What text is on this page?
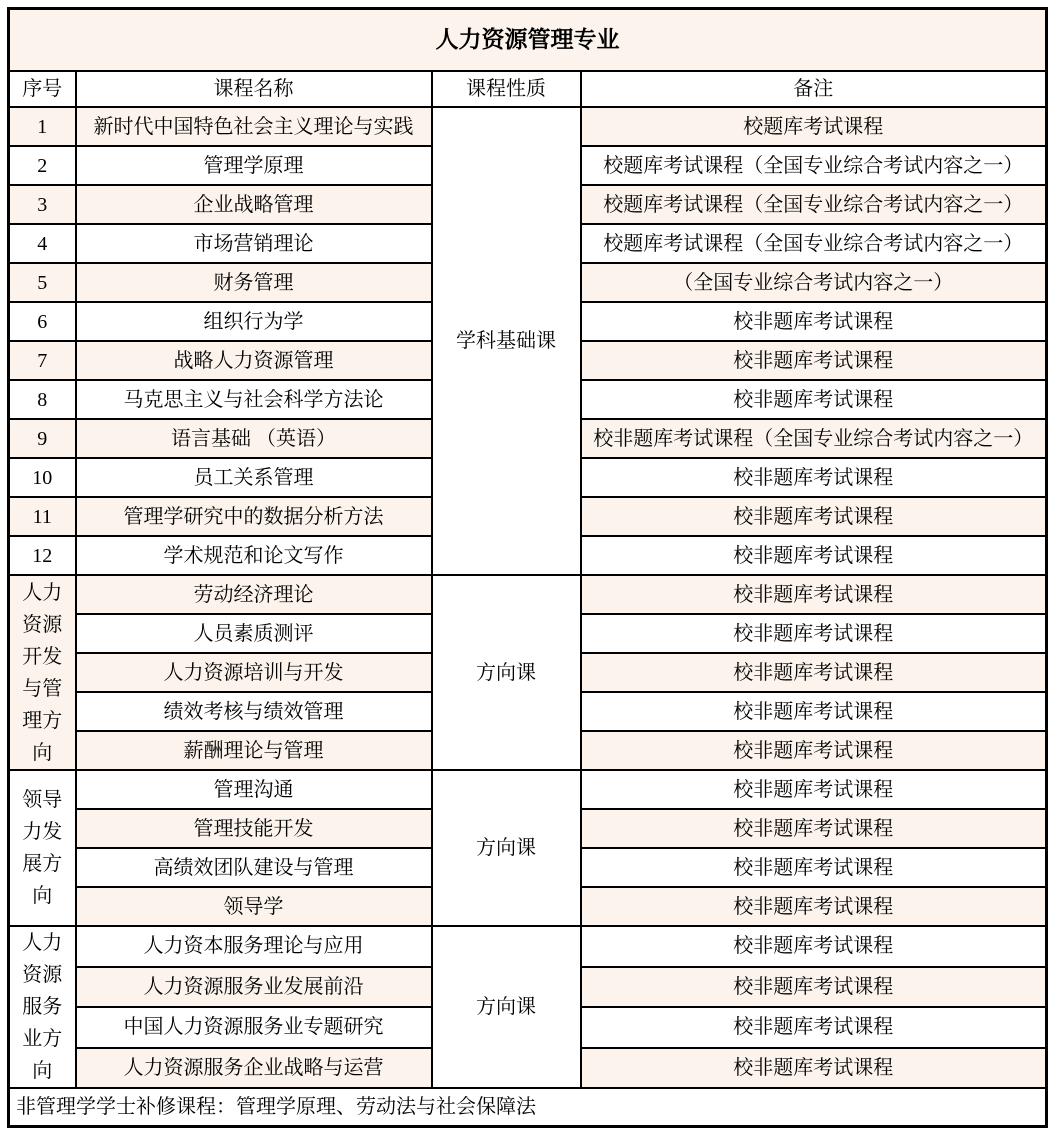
人力资源管理专业			
序号	课程名称	课程性质	备注
1	新时代中国特色社会主义理论与实践	学科基础课	校题库考试课程
2	管理学原理		校题库考试课程（全国专业综合考试内容之一）
3	企业战略管理		校题库考试课程（全国专业综合考试内容之一）
4	市场营销理论		校题库考试课程（全国专业综合考试内容之一）
5	财务管理		（全国专业综合考试内容之一）
6	组织行为学		校非题库考试课程
7	战略人力资源管理		校非题库考试课程
8	马克思主义与社会科学方法论		校非题库考试课程
9	语言基础 （英语）		校非题库考试课程（全国专业综合考试内容之一）
10	员工关系管理		校非题库考试课程
11	管理学研究中的数据分析方法		校非题库考试课程
12	学术规范和论文写作		校非题库考试课程
人力资源开发与管理方向	劳动经济理论	方向课	校非题库考试课程
	人员素质测评		校非题库考试课程
	人力资源培训与开发		校非题库考试课程
	绩效考核与绩效管理		校非题库考试课程
	薪酬理论与管理		校非题库考试课程
领导力发展方向	管理沟通	方向课	校非题库考试课程
	管理技能开发		校非题库考试课程
	高绩效团队建设与管理		校非题库考试课程
	领导学		校非题库考试课程
人力资源服务业方向	人力资本服务理论与应用	方向课	校非题库考试课程
	人力资源服务业发展前沿		校非题库考试课程
	中国人力资源服务业专题研究		校非题库考试课程
	人力资源服务企业战略与运营		校非题库考试课程
非管理学学士补修课程：管理学原理、劳动法与社会保障法			
